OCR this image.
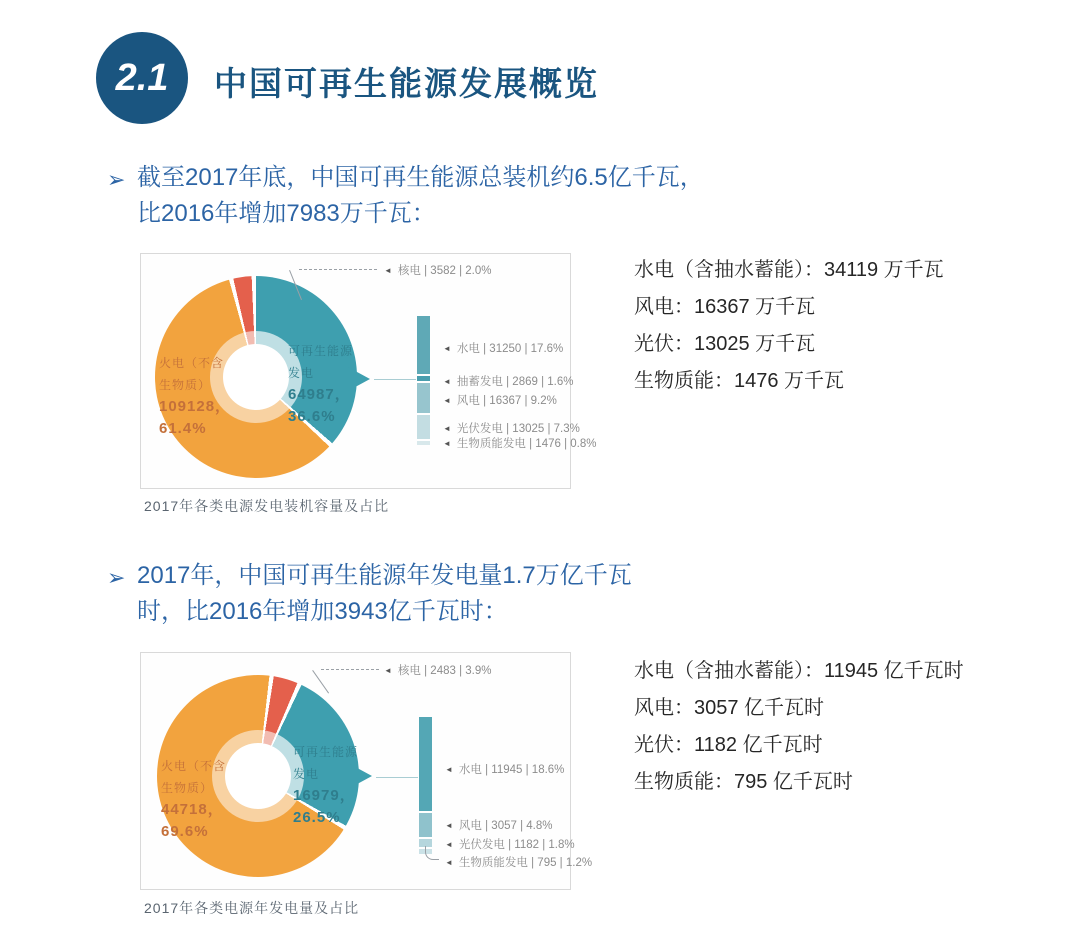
2.1	中国可再生能源发展概览
➢ 截至2017年底，中国可再生能源总装机约6.5亿千瓦，
比2016年增加7983万千瓦：
火电（不含
生物质）
109128，
61.4%
可再生能源
发电
64987，
36.6%
◄ 核电 | 3582 | 2.0%
◄ 水电 | 31250 | 17.6%
◄ 抽蓄发电 | 2869 | 1.6%
◄ 风电 | 16367 | 9.2%
◄ 光伏发电 | 13025 | 7.3%
◄ 生物质能发电 | 1476 | 0.8%
2017年各类电源发电装机容量及占比
水电（含抽水蓄能）：34119 万千瓦
风电：16367 万千瓦
光伏：13025 万千瓦
生物质能：1476 万千瓦
➢ 2017年，中国可再生能源年发电量1.7万亿千瓦
时，比2016年增加3943亿千瓦时：
火电（不含
生物质）
44718，
69.6%
可再生能源
发电
16979，
26.5%
◄ 核电 | 2483 | 3.9%
◄ 水电 | 11945 | 18.6%
◄ 风电 | 3057 | 4.8%
◄ 光伏发电 | 1182 | 1.8%
◄ 生物质能发电 | 795 | 1.2%
2017年各类电源年发电量及占比
水电（含抽水蓄能）：11945 亿千瓦时
风电：3057 亿千瓦时
光伏：1182 亿千瓦时
生物质能：795 亿千瓦时
